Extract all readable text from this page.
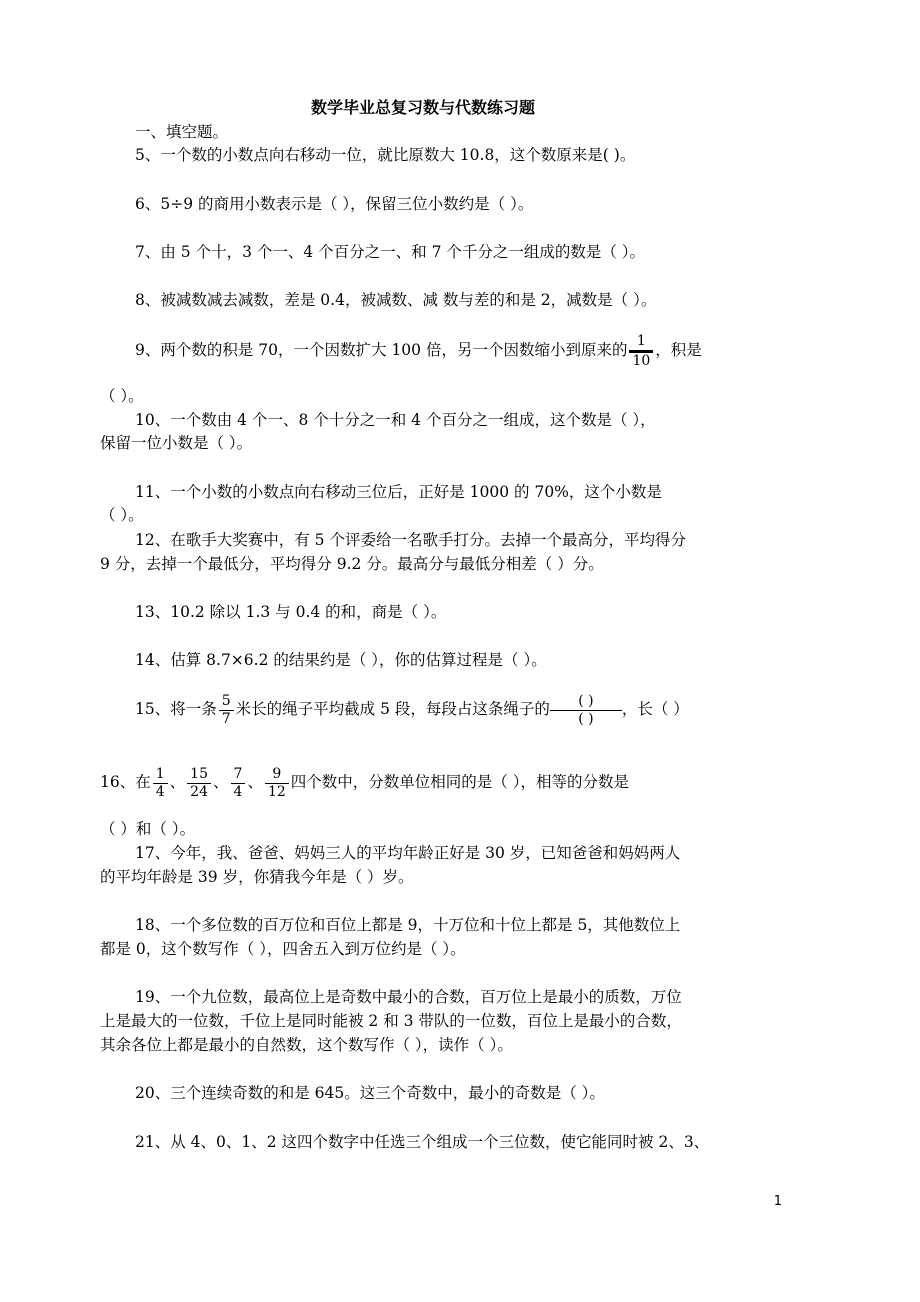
数学毕业总复习数与代数练习题
一、填空题。
5、一个数的小数点向右移动一位，就比原数大 10.8，这个数原来是( )。
6、5÷9 的商用小数表示是（ ），保留三位小数约是（ ）。
7、由 5 个十，3 个一、4 个百分之一、和 7 个千分之一组成的数是（ ）。
8、被减数减去减数，差是 0.4，被减数、减 数与差的和是 2，减数是（ ）。
9、两个数的积是 70，一个因数扩大 100 倍，另一个因数缩小到原来的 $\frac{1}{10}$ ，积是
（ ）。
10、一个数由 4 个一、8 个十分之一和 4 个百分之一组成，这个数是（ ），
保留一位小数是（ ）。
11、一个小数的小数点向右移动三位后，正好是 1000 的 70%，这个小数是
（ ）。
12、在歌手大奖赛中，有 5 个评委给一名歌手打分。去掉一个最高分，平均得分
9 分，去掉一个最低分，平均得分 9.2 分。最高分与最低分相差（ ）分。
13、10.2 除以 1.3 与 0.4 的和，商是（ ）。
14、估算 8.7×6.2 的结果约是（ ），你的估算过程是（ ）。
15、将一条 $\frac{5}{7}$ 米长的绳子平均截成 5 段，每段占这条绳子的 $\frac{( )}{( )}$ ，长（ ）
16、在 $\frac{1}{4}$ 、 $\frac{15}{24}$ 、 $\frac{7}{4}$ 、 $\frac{9}{12}$ 四个数中，分数单位相同的是（ ），相等的分数是
（ ）和（ ）。
17、今年，我、爸爸、妈妈三人的平均年龄正好是 30 岁，已知爸爸和妈妈两人
的平均年龄是 39 岁，你猜我今年是（ ）岁。
18、一个多位数的百万位和百位上都是 9，十万位和十位上都是 5，其他数位上
都是 0，这个数写作（ ），四舍五入到万位约是（ ）。
19、一个九位数，最高位上是奇数中最小的合数，百万位上是最小的质数，万位
上是最大的一位数，千位上是同时能被 2 和 3 带队的一位数，百位上是最小的合数，
其余各位上都是最小的自然数，这个数写作（ ），读作（ ）。
20、三个连续奇数的和是 645。这三个奇数中，最小的奇数是（ ）。
21、从 4、0、1、2 这四个数字中任选三个组成一个三位数，使它能同时被 2、3、
1
